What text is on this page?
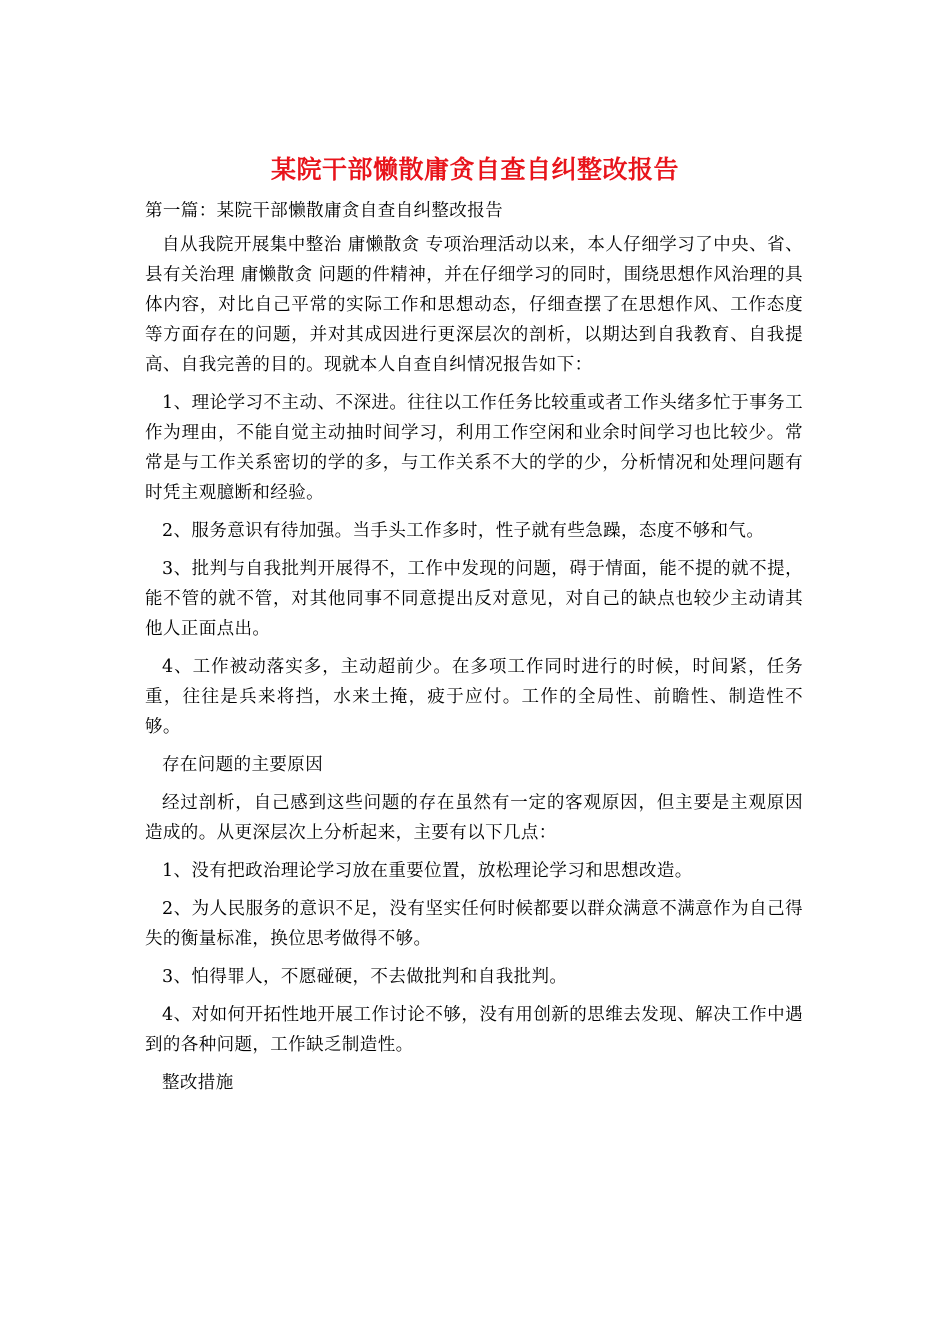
某院干部懒散庸贪自查自纠整改报告

第一篇：某院干部懒散庸贪自查自纠整改报告

自从我院开展集中整治 庸懒散贪 专项治理活动以来，本人仔细学习了中央、省、县有关治理 庸懒散贪 问题的件精神，并在仔细学习的同时，围绕思想作风治理的具体内容，对比自己平常的实际工作和思想动态，仔细查摆了在思想作风、工作态度等方面存在的问题，并对其成因进行更深层次的剖析，以期达到自我教育、自我提高、自我完善的目的。现就本人自查自纠情况报告如下：

1、理论学习不主动、不深进。往往以工作任务比较重或者工作头绪多忙于事务工作为理由，不能自觉主动抽时间学习，利用工作空闲和业余时间学习也比较少。常常是与工作关系密切的学的多，与工作关系不大的学的少，分析情况和处理问题有时凭主观臆断和经验。

2、服务意识有待加强。当手头工作多时，性子就有些急躁，态度不够和气。

3、批判与自我批判开展得不，工作中发现的问题，碍于情面，能不提的就不提，能不管的就不管，对其他同事不同意提出反对意见，对自己的缺点也较少主动请其他人正面点出。

4、工作被动落实多，主动超前少。在多项工作同时进行的时候，时间紧，任务重，往往是兵来将挡，水来土掩，疲于应付。工作的全局性、前瞻性、制造性不够。

存在问题的主要原因

经过剖析，自己感到这些问题的存在虽然有一定的客观原因，但主要是主观原因造成的。从更深层次上分析起来，主要有以下几点：

1、没有把政治理论学习放在重要位置，放松理论学习和思想改造。

2、为人民服务的意识不足，没有坚实任何时候都要以群众满意不满意作为自己得失的衡量标准，换位思考做得不够。

3、怕得罪人，不愿碰硬，不去做批判和自我批判。

4、对如何开拓性地开展工作讨论不够，没有用创新的思维去发现、解决工作中遇到的各种问题，工作缺乏制造性。

整改措施
